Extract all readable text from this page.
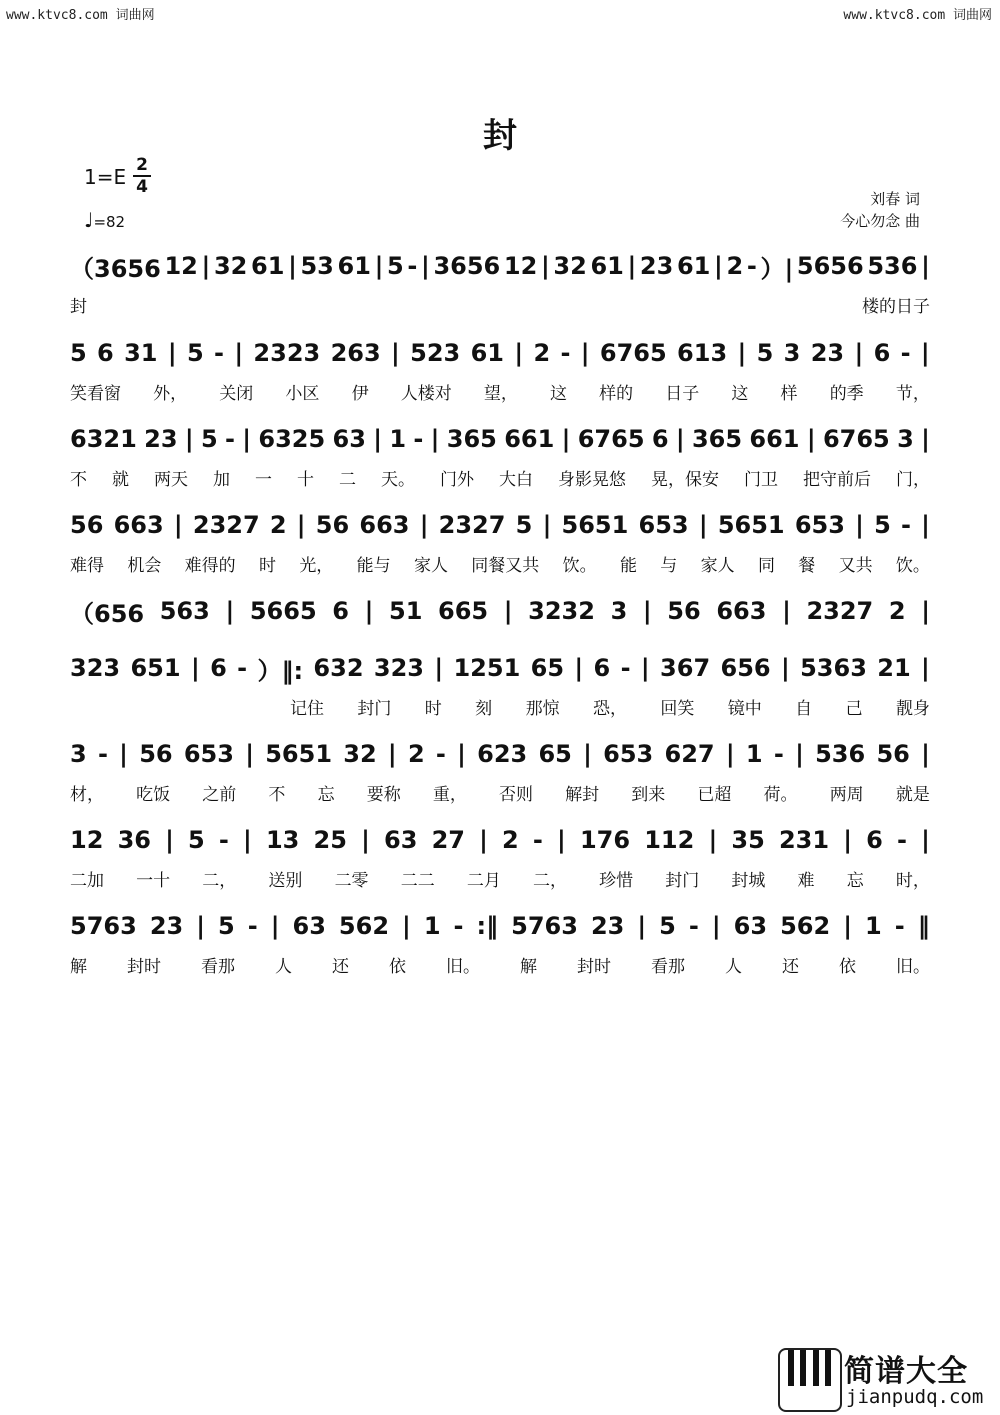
www.ktvc8.com 词曲网	www.ktvc8.com 词曲网
封
1=E 2
4
♩=82
刘春 词
今心勿念 曲
（3656 12 | 32 61 | 53 61 | 5 - | 3656 12 | 32 61 | 23 61 | 2 - ）| 5656 536 |
封	楼的日子
5 6 31 | 5 - | 2323 263 | 523 61 | 2 - | 6765 613 | 5 3 23 | 6 - |
笑看窗 外， 关闭 小区 伊 人楼对 望， 这 样的 日子 这 样 的季 节，
6321 23 | 5 - | 6325 63 | 1 - | 365 661 | 6765 6 | 365 661 | 6765 3 |
不 就 两天 加 一 十 二 天。 门外 大白 身影晃悠 晃，保安 门卫 把守前后 门，
56 663 | 2327 2 | 56 663 | 2327 5 | 5651 653 | 5651 653 | 5 - |
难得 机会 难得的 时 光， 能与 家人 同餐又共 饮。 能 与 家人 同 餐 又共 饮。
（656 563 | 5665 6 | 51 665 | 3232 3 | 56 663 | 2327 2 |
323 651 | 6 - ）‖: 632 323 | 1251 65 | 6 - | 367 656 | 5363 21 |
记住 封门 时 刻 那惊 恐， 回笑 镜中 自 己 靓身
3 - | 56 653 | 5651 32 | 2 - | 623 65 | 653 627 | 1 - | 536 56 |
材， 吃饭 之前 不 忘 要称 重， 否则 解封 到来 已超 荷。 两周 就是
12 36 | 5 - | 13 25 | 63 27 | 2 - | 176 112 | 35 231 | 6 - |
二加 一十 二， 送别 二零 二二 二月 二， 珍惜 封门 封城 难 忘 时，
5763 23 | 5 - | 63 562 | 1 - :‖ 5763 23 | 5 - | 63 562 | 1 - ‖
解 封时 看那 人 还 依 旧。 解 封时 看那 人 还 依 旧。
简谱大全
jianpudq.com
